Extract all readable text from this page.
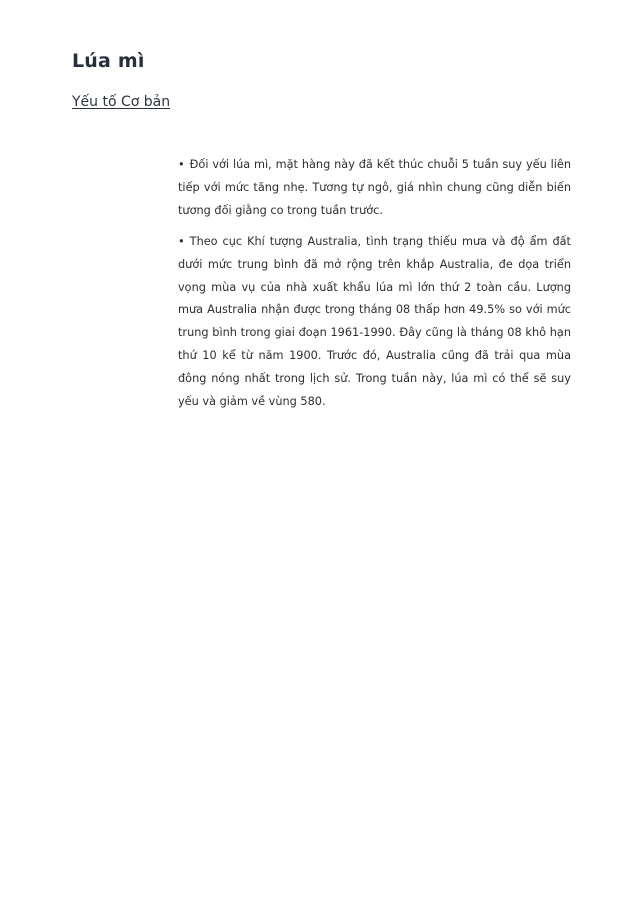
Lúa mì
Yếu tố Cơ bản

• Đối với lúa mì, mặt hàng này đã kết thúc chuỗi 5 tuần suy yếu liên tiếp với mức tăng nhẹ. Tương tự ngô, giá nhìn chung cũng diễn biến tương đối giằng co trong tuần trước.

• Theo cục Khí tượng Australia, tình trạng thiếu mưa và độ ẩm đất dưới mức trung bình đã mở rộng trên khắp Australia, đe dọa triển vọng mùa vụ của nhà xuất khẩu lúa mì lớn thứ 2 toàn cầu. Lượng mưa Australia nhận được trong tháng 08 thấp hơn 49.5% so với mức trung bình trong giai đoạn 1961-1990. Đây cũng là tháng 08 khô hạn thứ 10 kể từ năm 1900. Trước đó, Australia cũng đã trải qua mùa đông nóng nhất trong lịch sử. Trong tuần này, lúa mì có thể sẽ suy yếu và giảm về vùng 580.
